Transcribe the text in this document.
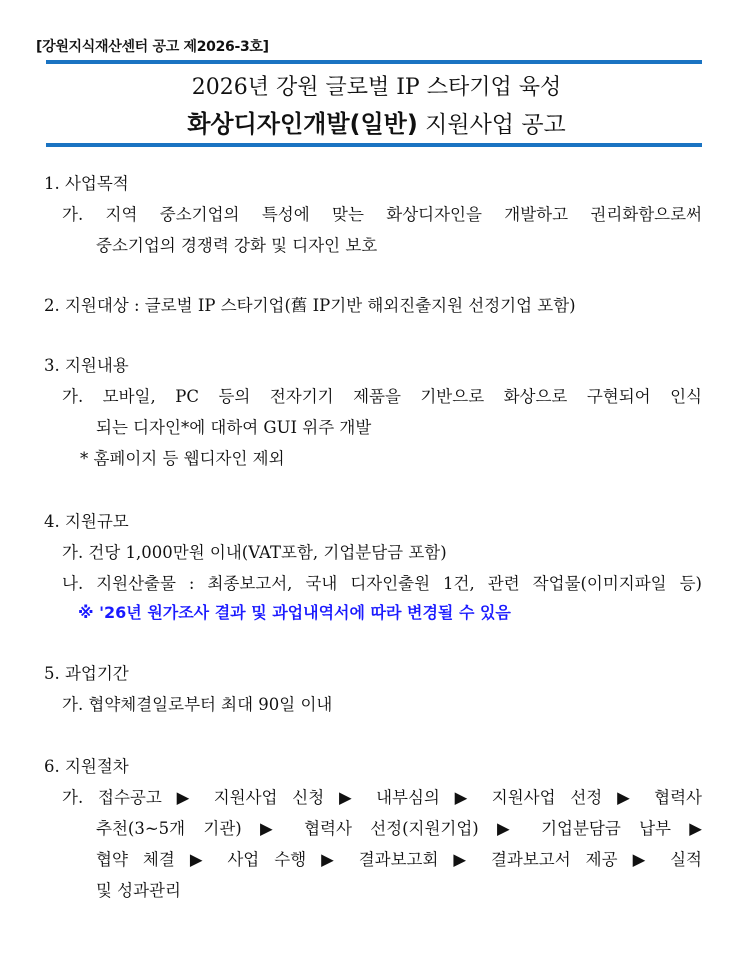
[강원지식재산센터 공고 제2026-3호]
2026년 강원 글로벌 IP 스타기업 육성
화상디자인개발(일반) 지원사업 공고
1. 사업목적
가. 지역 중소기업의 특성에 맞는 화상디자인을 개발하고 권리화함으로써
중소기업의 경쟁력 강화 및 디자인 보호
2. 지원대상 : 글로벌 IP 스타기업(舊 IP기반 해외진출지원 선정기업 포함)
3. 지원내용
가. 모바일, PC 등의 전자기기 제품을 기반으로 화상으로 구현되어 인식
되는 디자인*에 대하여 GUI 위주 개발
* 홈페이지 등 웹디자인 제외
4. 지원규모
가. 건당 1,000만원 이내(VAT포함, 기업분담금 포함)
나. 지원산출물 : 최종보고서, 국내 디자인출원 1건, 관련 작업물(이미지파일 등)
※ '26년 원가조사 결과 및 과업내역서에 따라 변경될 수 있음
5. 과업기간
가. 협약체결일로부터 최대 90일 이내
6. 지원절차
가. 접수공고 ▶ 지원사업 신청 ▶ 내부심의 ▶ 지원사업 선정 ▶ 협력사
추천(3~5개 기관) ▶ 협력사 선정(지원기업) ▶ 기업분담금 납부 ▶
협약 체결 ▶ 사업 수행 ▶ 결과보고회 ▶ 결과보고서 제공 ▶ 실적
및 성과관리
